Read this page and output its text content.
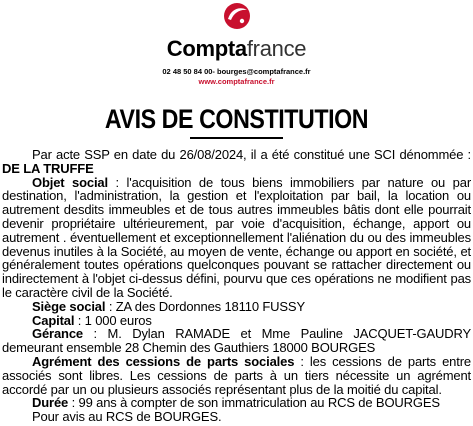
Comptafrance
02 48 50 84 00- bourges@comptafrance.fr
www.comptafrance.fr
AVIS DE CONSTITUTION

Par acte SSP en date du 26/08/2024, il a été constitué une SCI dénommée : DE LA TRUFFE

Objet social : l'acquisition de tous biens immobiliers par nature ou par destination, l'administration, la gestion et l'exploitation par bail, la location ou autrement desdits immeubles et de tous autres immeubles bâtis dont elle pourrait devenir propriétaire ultérieurement, par voie d'acquisition, échange, apport ou autrement . éventuellement et exceptionnellement l'aliénation du ou des immeubles devenus inutiles à la Société, au moyen de vente, échange ou apport en société, et généralement toutes opérations quelconques pouvant se rattacher directement ou indirectement à l'objet ci-dessus défini, pourvu que ces opérations ne modifient pas le caractère civil de la Société.

Siège social : ZA des Dordonnes 18110 FUSSY

Capital : 1 000 euros

Gérance : M. Dylan RAMADE et Mme Pauline JACQUET-GAUDRY demeurant ensemble 28 Chemin des Gauthiers 18000 BOURGES

Agrément des cessions de parts sociales : les cessions de parts entre associés sont libres. Les cessions de parts à un tiers nécessite un agrément accordé par un ou plusieurs associés représentant plus de la moitié du capital.

Durée : 99 ans à compter de son immatriculation au RCS de BOURGES

Pour avis au RCS de BOURGES.
